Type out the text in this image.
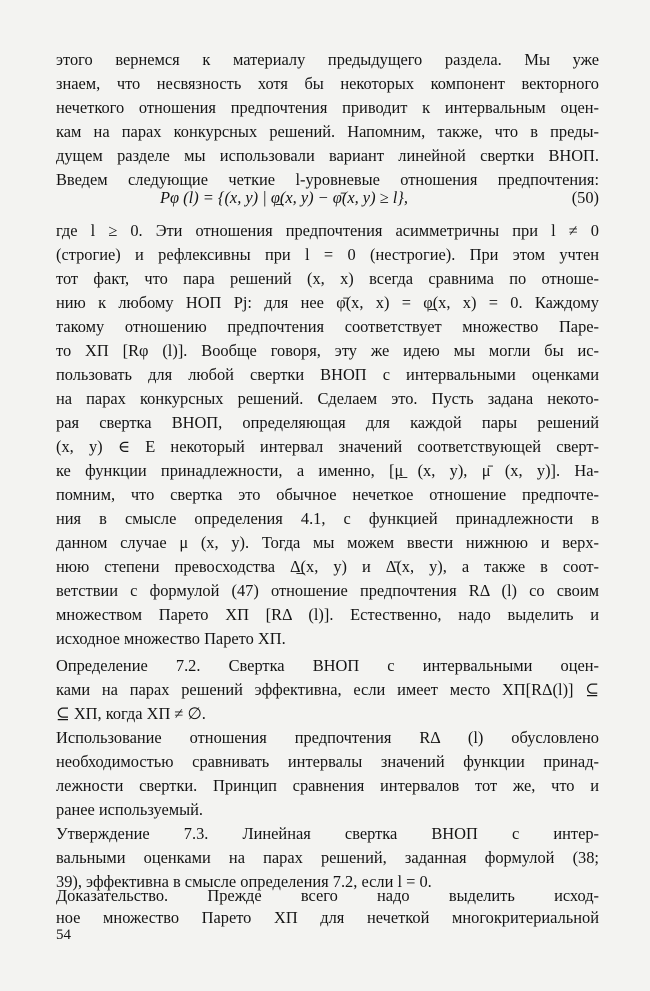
этого вернемся к материалу предыдущего раздела. Мы уже
знаем, что несвязность хотя бы некоторых компонент векторного
нечеткого отношения предпочтения приводит к интервальным оцен-
кам на парах конкурсных решений. Напомним, также, что в преды-
дущем разделе мы использовали вариант линейной свертки ВНОП.
Введем следующие четкие l-уровневые отношения предпочтения:
Pφ (l) = {(x, y) | φ̲(x, y) − φ̄(x, y) ≥ l},	(50)
где l ≥ 0. Эти отношения предпочтения асимметричны при l ≠ 0
(строгие) и рефлексивны при l = 0 (нестрогие). При этом учтен
тот факт, что пара решений (x, x) всегда сравнима по отноше-
нию к любому НОП Pj: для нее φ̄(x, x) = φ̲(x, x) = 0. Каждому
такому отношению предпочтения соответствует множество Паре-
то XП [Rφ (l)]. Вообще говоря, эту же идею мы могли бы ис-
пользовать для любой свертки ВНОП с интервальными оценками
на парах конкурсных решений. Сделаем это. Пусть задана некото-
рая свертка ВНОП, определяющая для каждой пары решений
(x, y) ∈ E некоторый интервал значений соответствующей сверт-
ке функции принадлежности, а именно, [μ̲ (x, y), μ̄ (x, y)]. На-
помним, что свертка это обычное нечеткое отношение предпочте-
ния в смысле определения 4.1, с функцией принадлежности в
данном случае μ (x, y). Тогда мы можем ввести нижнюю и верх-
нюю степени превосходства Δ̲(x, y) и Δ̄(x, y), а также в соот-
ветствии с формулой (47) отношение предпочтения RΔ (l) со своим
множеством Парето XП [RΔ (l)]. Естественно, надо выделить и
исходное множество Парето XП.
Определение 7.2. Свертка ВНОП с интервальными оцен-
ками на парах решений эффективна, если имеет место XП[RΔ(l)] ⊆
⊆ XП, когда XП ≠ ∅.
Использование отношения предпочтения RΔ (l) обусловлено
необходимостью сравнивать интервалы значений функции принад-
лежности свертки. Принцип сравнения интервалов тот же, что и
ранее используемый.
Утверждение 7.3. Линейная свертка ВНОП с интер-
вальными оценками на парах решений, заданная формулой (38;
39), эффективна в смысле определения 7.2, если l = 0.
Доказательство. Прежде всего надо выделить исход-
ное множество Парето XП для нечеткой многокритериальной
54
